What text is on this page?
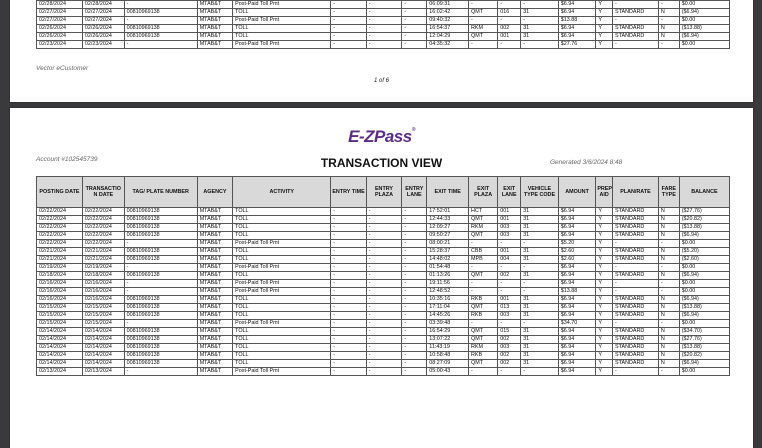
02/28/2024	02/28/2024	-	MTAB&T	Post-Paid Toll Pmt	-	-	-	06:09:31	-	-	-	$6.94	Y	-	-	$0.00
02/27/2024	02/27/2024	00810969138	MTAB&T	TOLL	-	-	-	16:02:42	QMT	016	31	$6.94	Y	STANDARD	N	($6.94)
02/27/2024	02/27/2024	-	MTAB&T	Post-Paid Toll Pmt	-	-	-	09:40:32	-	-	-	$13.88	Y	-	-	$0.00
02/26/2024	02/26/2024	00810969138	MTAB&T	TOLL	-	-	-	16:54:37	RKM	002	31	$6.94	Y	STANDARD	N	($13.88)
02/26/2024	02/26/2024	00810969138	MTAB&T	TOLL	-	-	-	12:04:29	QMT	001	31	$6.94	Y	STANDARD	N	($6.94)
02/23/2024	02/23/2024	-	MTAB&T	Post-Paid Toll Pmt	-	-	-	04:35:32	-	-	-	$27.76	Y	-	-	$0.00
Vector eCustomer
1 of 6
E-ZPass®
Account #102545739	TRANSACTION VIEW	Generated 3/6/2024 8:48
POSTING DATE	TRANSACTIO N DATE	TAG/ PLATE NUMBER	AGENCY	ACTIVITY	ENTRY TIME	ENTRY PLAZA	ENTRY LANE	EXIT TIME	EXIT PLAZA	EXIT LANE	VEHICLE TYPE CODE	AMOUNT	PREP AID	PLAN/RATE	FARE TYPE	BALANCE
02/22/2024	02/22/2024	00810969138	MTAB&T	TOLL	-	-	-	17:52:01	HCT	001	31	$6.94	Y	STANDARD	N	($27.76)
02/22/2024	02/22/2024	00810969138	MTAB&T	TOLL	-	-	-	12:44:33	QMT	001	31	$6.94	Y	STANDARD	N	($20.82)
02/22/2024	02/22/2024	00810969138	MTAB&T	TOLL	-	-	-	12:09:27	RKM	003	31	$6.94	Y	STANDARD	N	($13.88)
02/22/2024	02/22/2024	00810969138	MTAB&T	TOLL	-	-	-	09:50:27	QMT	003	31	$6.94	Y	STANDARD	N	($6.94)
02/22/2024	02/22/2024	-	MTAB&T	Post-Paid Toll Pmt	-	-	-	08:00:21	-	-	-	$5.20	Y	-	-	$0.00
02/21/2024	02/21/2024	00810969138	MTAB&T	TOLL	-	-	-	15:28:37	CBB	001	31	$2.60	Y	STANDARD	N	($5.20)
02/21/2024	02/21/2024	00810969138	MTAB&T	TOLL	-	-	-	14:48:02	MPB	004	31	$2.60	Y	STANDARD	N	($2.60)
02/19/2024	02/19/2024	-	MTAB&T	Post-Paid Toll Pmt	-	-	-	01:54:48	-	-	-	$6.94	Y	-	-	$0.00
02/18/2024	02/18/2024	00810969138	MTAB&T	TOLL	-	-	-	01:13:26	QMT	002	31	$6.94	Y	STANDARD	N	($6.94)
02/16/2024	02/16/2024	-	MTAB&T	Post-Paid Toll Pmt	-	-	-	19:11:56	-	-	-	$6.94	Y	-	-	$0.00
02/16/2024	02/16/2024	-	MTAB&T	Post-Paid Toll Pmt	-	-	-	12:48:52	-	-	-	$13.88	Y	-	-	$0.00
02/16/2024	02/16/2024	00810969138	MTAB&T	TOLL	-	-	-	10:35:16	RKB	001	31	$6.94	Y	STANDARD	N	($6.94)
02/15/2024	02/15/2024	00810969138	MTAB&T	TOLL	-	-	-	17:11:04	QMT	013	31	$6.94	Y	STANDARD	N	($13.88)
02/15/2024	02/15/2024	00810969138	MTAB&T	TOLL	-	-	-	14:45:26	RKB	003	31	$6.94	Y	STANDARD	N	($6.94)
02/15/2024	02/15/2024	-	MTAB&T	Post-Paid Toll Pmt	-	-	-	03:39:48	-	-	-	$34.70	Y	-	-	$0.00
02/14/2024	02/14/2024	00810969138	MTAB&T	TOLL	-	-	-	16:54:29	QMT	015	31	$6.94	Y	STANDARD	N	($34.70)
02/14/2024	02/14/2024	00810969138	MTAB&T	TOLL	-	-	-	13:07:22	QMT	002	31	$6.94	Y	STANDARD	N	($27.76)
02/14/2024	02/14/2024	00810969138	MTAB&T	TOLL	-	-	-	11:43:19	RKM	003	31	$6.94	Y	STANDARD	N	($13.88)
02/14/2024	02/14/2024	00810969138	MTAB&T	TOLL	-	-	-	10:58:48	RKB	002	31	$6.94	Y	STANDARD	N	($20.82)
02/14/2024	02/14/2024	00810969138	MTAB&T	TOLL	-	-	-	08:27:09	QMT	002	31	$6.94	Y	STANDARD	N	($6.94)
02/13/2024	02/13/2024	-	MTAB&T	Post-Paid Toll Pmt	-	-	-	05:00:43	-	-	-	$6.94	Y	-	-	$0.00
